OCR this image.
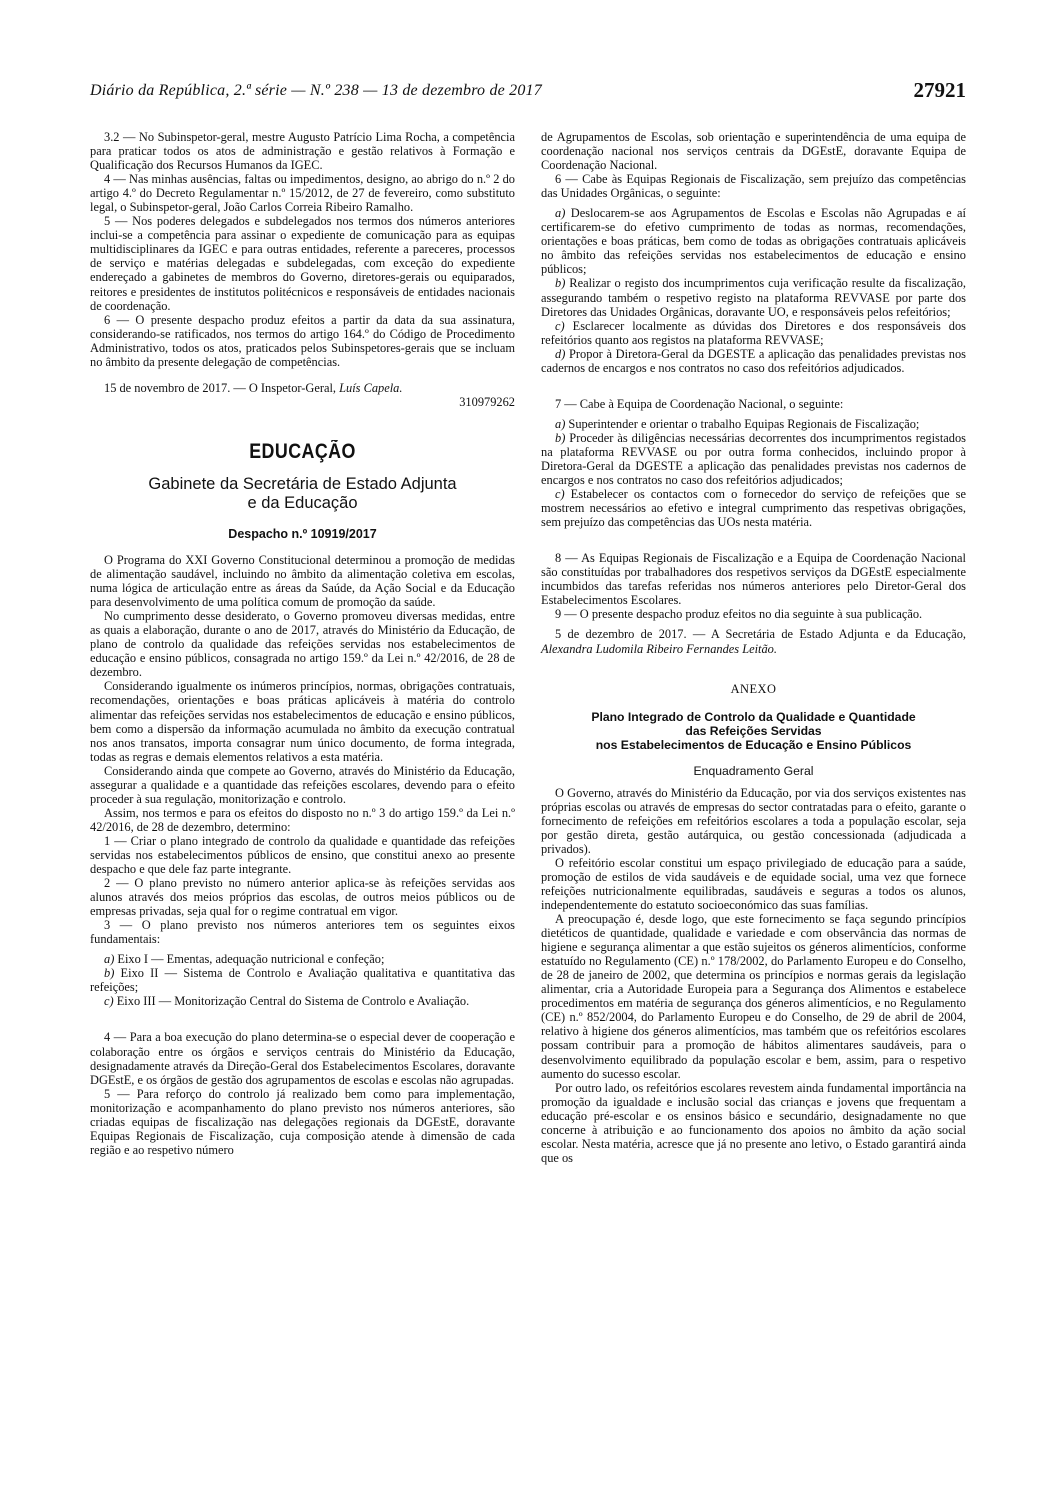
Diário da República, 2.ª série — N.º 238 — 13 de dezembro de 2017	27921

3.2 — No Subinspetor-geral, mestre Augusto Patrício Lima Rocha, a competência para praticar todos os atos de administração e gestão relativos à Formação e Qualificação dos Recursos Humanos da IGEC.

4 — Nas minhas ausências, faltas ou impedimentos, designo, ao abrigo do n.º 2 do artigo 4.º do Decreto Regulamentar n.º 15/2012, de 27 de fevereiro, como substituto legal, o Subinspetor-geral, João Carlos Correia Ribeiro Ramalho.

5 — Nos poderes delegados e subdelegados nos termos dos números anteriores inclui-se a competência para assinar o expediente de comunicação para as equipas multidisciplinares da IGEC e para outras entidades, referente a pareceres, processos de serviço e matérias delegadas e subdelegadas, com exceção do expediente endereçado a gabinetes de membros do Governo, diretores-gerais ou equiparados, reitores e presidentes de institutos politécnicos e responsáveis de entidades nacionais de coordenação.

6 — O presente despacho produz efeitos a partir da data da sua assinatura, considerando-se ratificados, nos termos do artigo 164.º do Código de Procedimento Administrativo, todos os atos, praticados pelos Subinspetores-gerais que se incluam no âmbito da presente delegação de competências.

15 de novembro de 2017. — O Inspetor-Geral, Luís Capela.

310979262

EDUCAÇÃO
Gabinete da Secretária de Estado Adjunta
e da Educação
Despacho n.º 10919/2017

O Programa do XXI Governo Constitucional determinou a promoção de medidas de alimentação saudável, incluindo no âmbito da alimentação coletiva em escolas, numa lógica de articulação entre as áreas da Saúde, da Ação Social e da Educação para desenvolvimento de uma política comum de promoção da saúde.

No cumprimento desse desiderato, o Governo promoveu diversas medidas, entre as quais a elaboração, durante o ano de 2017, através do Ministério da Educação, de plano de controlo da qualidade das refeições servidas nos estabelecimentos de educação e ensino públicos, consagrada no artigo 159.º da Lei n.º 42/2016, de 28 de dezembro.

Considerando igualmente os inúmeros princípios, normas, obrigações contratuais, recomendações, orientações e boas práticas aplicáveis à matéria do controlo alimentar das refeições servidas nos estabelecimentos de educação e ensino públicos, bem como a dispersão da informação acumulada no âmbito da execução contratual nos anos transatos, importa consagrar num único documento, de forma integrada, todas as regras e demais elementos relativos a esta matéria.

Considerando ainda que compete ao Governo, através do Ministério da Educação, assegurar a qualidade e a quantidade das refeições escolares, devendo para o efeito proceder à sua regulação, monitorização e controlo.

Assim, nos termos e para os efeitos do disposto no n.º 3 do artigo 159.º da Lei n.º 42/2016, de 28 de dezembro, determino:

1 — Criar o plano integrado de controlo da qualidade e quantidade das refeições servidas nos estabelecimentos públicos de ensino, que constitui anexo ao presente despacho e que dele faz parte integrante.

2 — O plano previsto no número anterior aplica-se às refeições servidas aos alunos através dos meios próprios das escolas, de outros meios públicos ou de empresas privadas, seja qual for o regime contratual em vigor.

3 — O plano previsto nos números anteriores tem os seguintes eixos fundamentais:

a) Eixo I — Ementas, adequação nutricional e confeção;

b) Eixo II — Sistema de Controlo e Avaliação qualitativa e quantitativa das refeições;

c) Eixo III — Monitorização Central do Sistema de Controlo e Avaliação.

4 — Para a boa execução do plano determina-se o especial dever de cooperação e colaboração entre os órgãos e serviços centrais do Ministério da Educação, designadamente através da Direção-Geral dos Estabelecimentos Escolares, doravante DGEstE, e os órgãos de gestão dos agrupamentos de escolas e escolas não agrupadas.

5 — Para reforço do controlo já realizado bem como para implementação, monitorização e acompanhamento do plano previsto nos números anteriores, são criadas equipas de fiscalização nas delegações regionais da DGEstE, doravante Equipas Regionais de Fiscalização, cuja composição atende à dimensão de cada região e ao respetivo número

de Agrupamentos de Escolas, sob orientação e superintendência de uma equipa de coordenação nacional nos serviços centrais da DGEstE, doravante Equipa de Coordenação Nacional.

6 — Cabe às Equipas Regionais de Fiscalização, sem prejuízo das competências das Unidades Orgânicas, o seguinte:

a) Deslocarem-se aos Agrupamentos de Escolas e Escolas não Agrupadas e aí certificarem-se do efetivo cumprimento de todas as normas, recomendações, orientações e boas práticas, bem como de todas as obrigações contratuais aplicáveis no âmbito das refeições servidas nos estabelecimentos de educação e ensino públicos;

b) Realizar o registo dos incumprimentos cuja verificação resulte da fiscalização, assegurando também o respetivo registo na plataforma REVVASE por parte dos Diretores das Unidades Orgânicas, doravante UO, e responsáveis pelos refeitórios;

c) Esclarecer localmente as dúvidas dos Diretores e dos responsáveis dos refeitórios quanto aos registos na plataforma REVVASE;

d) Propor à Diretora-Geral da DGESTE a aplicação das penalidades previstas nos cadernos de encargos e nos contratos no caso dos refeitórios adjudicados.

7 — Cabe à Equipa de Coordenação Nacional, o seguinte:

a) Superintender e orientar o trabalho Equipas Regionais de Fiscalização;

b) Proceder às diligências necessárias decorrentes dos incumprimentos registados na plataforma REVVASE ou por outra forma conhecidos, incluindo propor à Diretora-Geral da DGESTE a aplicação das penalidades previstas nos cadernos de encargos e nos contratos no caso dos refeitórios adjudicados;

c) Estabelecer os contactos com o fornecedor do serviço de refeições que se mostrem necessários ao efetivo e integral cumprimento das respetivas obrigações, sem prejuízo das competências das UOs nesta matéria.

8 — As Equipas Regionais de Fiscalização e a Equipa de Coordenação Nacional são constituídas por trabalhadores dos respetivos serviços da DGEstE especialmente incumbidos das tarefas referidas nos números anteriores pelo Diretor-Geral dos Estabelecimentos Escolares.

9 — O presente despacho produz efeitos no dia seguinte à sua publicação.

5 de dezembro de 2017. — A Secretária de Estado Adjunta e da Educação, Alexandra Ludomila Ribeiro Fernandes Leitão.

ANEXO
Plano Integrado de Controlo da Qualidade e Quantidade
das Refeições Servidas
nos Estabelecimentos de Educação e Ensino Públicos
Enquadramento Geral

O Governo, através do Ministério da Educação, por via dos serviços existentes nas próprias escolas ou através de empresas do sector contratadas para o efeito, garante o fornecimento de refeições em refeitórios escolares a toda a população escolar, seja por gestão direta, gestão autárquica, ou gestão concessionada (adjudicada a privados).

O refeitório escolar constitui um espaço privilegiado de educação para a saúde, promoção de estilos de vida saudáveis e de equidade social, uma vez que fornece refeições nutricionalmente equilibradas, saudáveis e seguras a todos os alunos, independentemente do estatuto socioeconómico das suas famílias.

A preocupação é, desde logo, que este fornecimento se faça segundo princípios dietéticos de quantidade, qualidade e variedade e com observância das normas de higiene e segurança alimentar a que estão sujeitos os géneros alimentícios, conforme estatuído no Regulamento (CE) n.º 178/2002, do Parlamento Europeu e do Conselho, de 28 de janeiro de 2002, que determina os princípios e normas gerais da legislação alimentar, cria a Autoridade Europeia para a Segurança dos Alimentos e estabelece procedimentos em matéria de segurança dos géneros alimentícios, e no Regulamento (CE) n.º 852/2004, do Parlamento Europeu e do Conselho, de 29 de abril de 2004, relativo à higiene dos géneros alimentícios, mas também que os refeitórios escolares possam contribuir para a promoção de hábitos alimentares saudáveis, para o desenvolvimento equilibrado da população escolar e bem, assim, para o respetivo aumento do sucesso escolar.

Por outro lado, os refeitórios escolares revestem ainda fundamental importância na promoção da igualdade e inclusão social das crianças e jovens que frequentam a educação pré-escolar e os ensinos básico e secundário, designadamente no que concerne à atribuição e ao funcionamento dos apoios no âmbito da ação social escolar. Nesta matéria, acresce que já no presente ano letivo, o Estado garantirá ainda que os
